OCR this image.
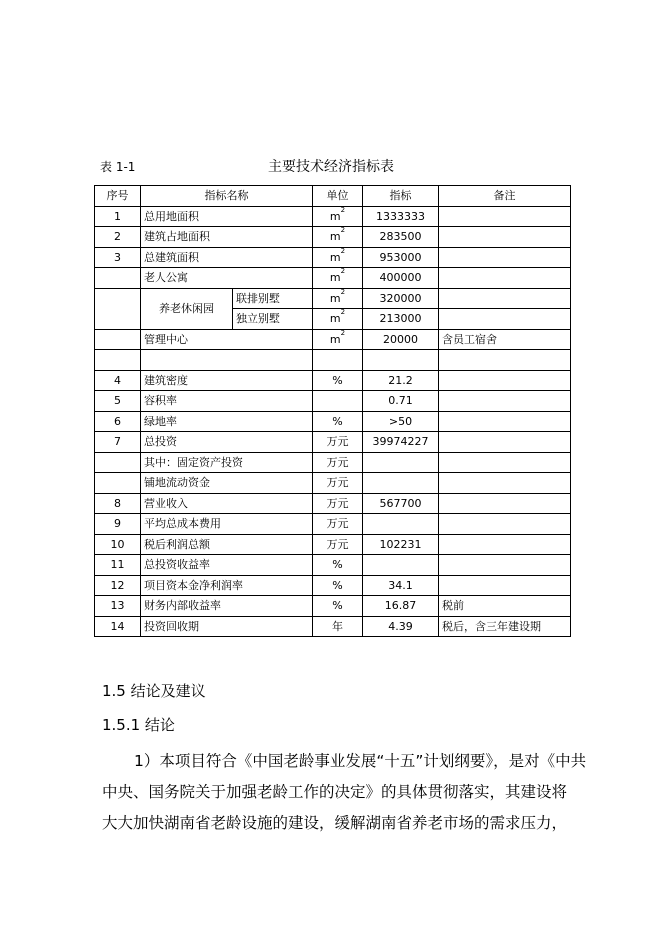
表 1-1	主要技术经济指标表
序号	指标名称		单位	指标	备注
1	总用地面积		$m^2$	1333333	
2	建筑占地面积		$m^2$	283500	
3	总建筑面积		$m^2$	953000	
	老人公寓		$m^2$	400000	
	养老休闲园	联排别墅	$m^2$	320000	
		独立别墅	$m^2$	213000	
	管理中心		$m^2$	20000	含员工宿舍

4	建筑密度		%	21.2	
5	容积率			0.71	
6	绿地率		%	>50	
7	总投资		万元	39974227	
	其中：固定资产投资		万元		
	铺地流动资金		万元		
8	营业收入		万元	567700	
9	平均总成本费用		万元		
10	税后利润总额		万元	102231	
11	总投资收益率		%		
12	项目资本金净利润率		%	34.1	
13	财务内部收益率		%	16.87	税前
14	投资回收期		年	4.39	税后，含三年建设期
1.5 结论及建议
1.5.1 结论
1）本项目符合《中国老龄事业发展“十五”计划纲要》，是对《中共
中央、国务院关于加强老龄工作的决定》的具体贯彻落实，其建设将
大大加快湖南省老龄设施的建设，缓解湖南省养老市场的需求压力，
